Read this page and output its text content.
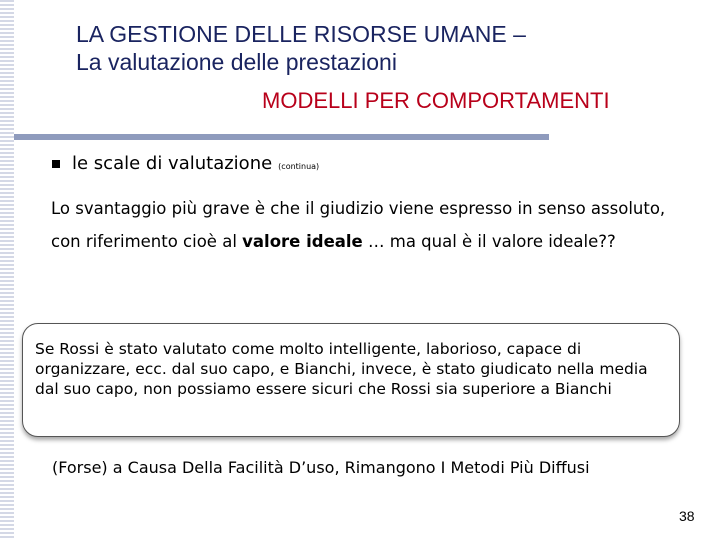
LA GESTIONE DELLE RISORSE UMANE –
La valutazione delle prestazioni
MODELLI PER COMPORTAMENTI
le scale di valutazione (continua)
Lo svantaggio più grave è che il giudizio viene espresso in senso assoluto, con riferimento cioè al valore ideale … ma qual è il valore ideale??
Se Rossi è stato valutato come molto intelligente, laborioso, capace di organizzare, ecc. dal suo capo, e Bianchi, invece, è stato giudicato nella media dal suo capo, non possiamo essere sicuri che Rossi sia superiore a Bianchi
(Forse) a Causa Della Facilità D’uso, Rimangono I Metodi Più Diffusi
38
